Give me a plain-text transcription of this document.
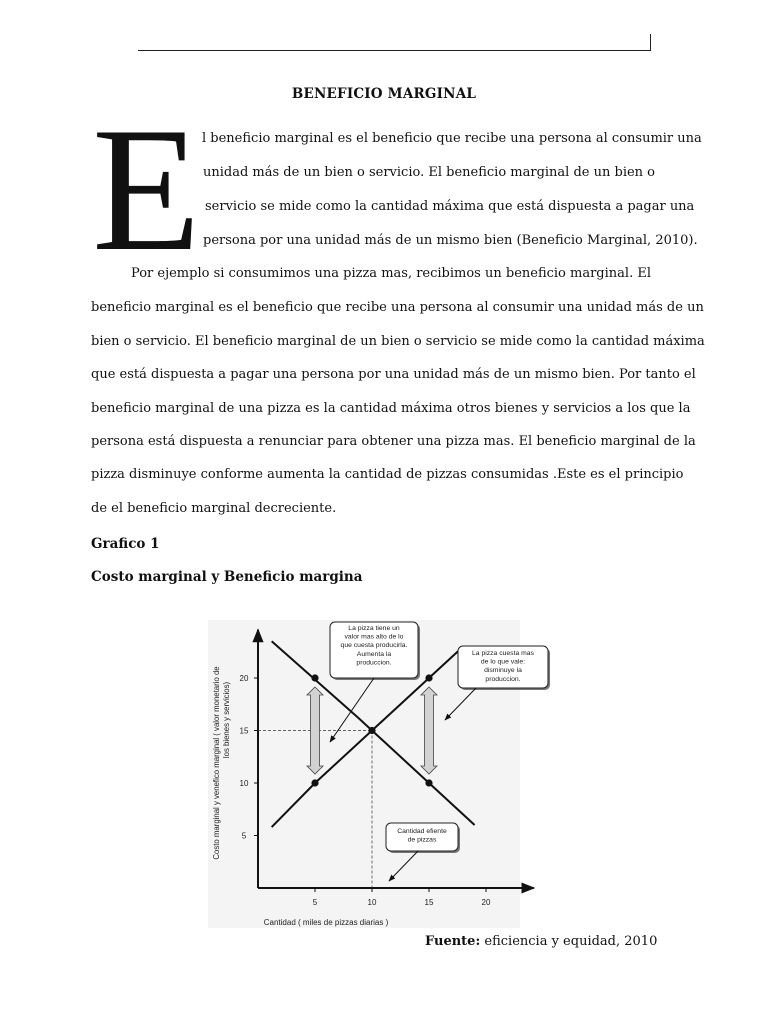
BENEFICIO MARGINAL
E l beneficio marginal es el beneficio que recibe una persona al consumir una
unidad más de un bien o servicio. El beneficio marginal de un bien o
servicio se mide como la cantidad máxima que está dispuesta a pagar una
persona por una unidad más de un mismo bien (Beneficio Marginal, 2010).
Por ejemplo si consumimos una pizza mas, recibimos un beneficio marginal. El
beneficio marginal es el beneficio que recibe una persona al consumir una unidad más de un
bien o servicio. El beneficio marginal de un bien o servicio se mide como la cantidad máxima
que está dispuesta a pagar una persona por una unidad más de un mismo bien. Por tanto el
beneficio marginal de una pizza es la cantidad máxima otros bienes y servicios a los que la
persona está dispuesta a renunciar para obtener una pizza mas. El beneficio marginal de la
pizza disminuye conforme aumenta la cantidad de pizzas consumidas .Este es el principio
de el beneficio marginal decreciente.
Grafico 1
Costo marginal y Beneficio margina
5	10	15	20
5
10
15
20
La pizza tiene un
valor mas alto de lo
que cuesta producirla.
Aumenta la
produccion.
La pizza cuesta mas
de lo que vale:
disminuye la
produccion.
Cantidad efiente
de pizzas
Cantidad ( miles de pizzas diarias )
Costo marginal y venefico marginal ( valor monetario de los bienes y servicios)
Fuente: eficiencia y equidad, 2010
